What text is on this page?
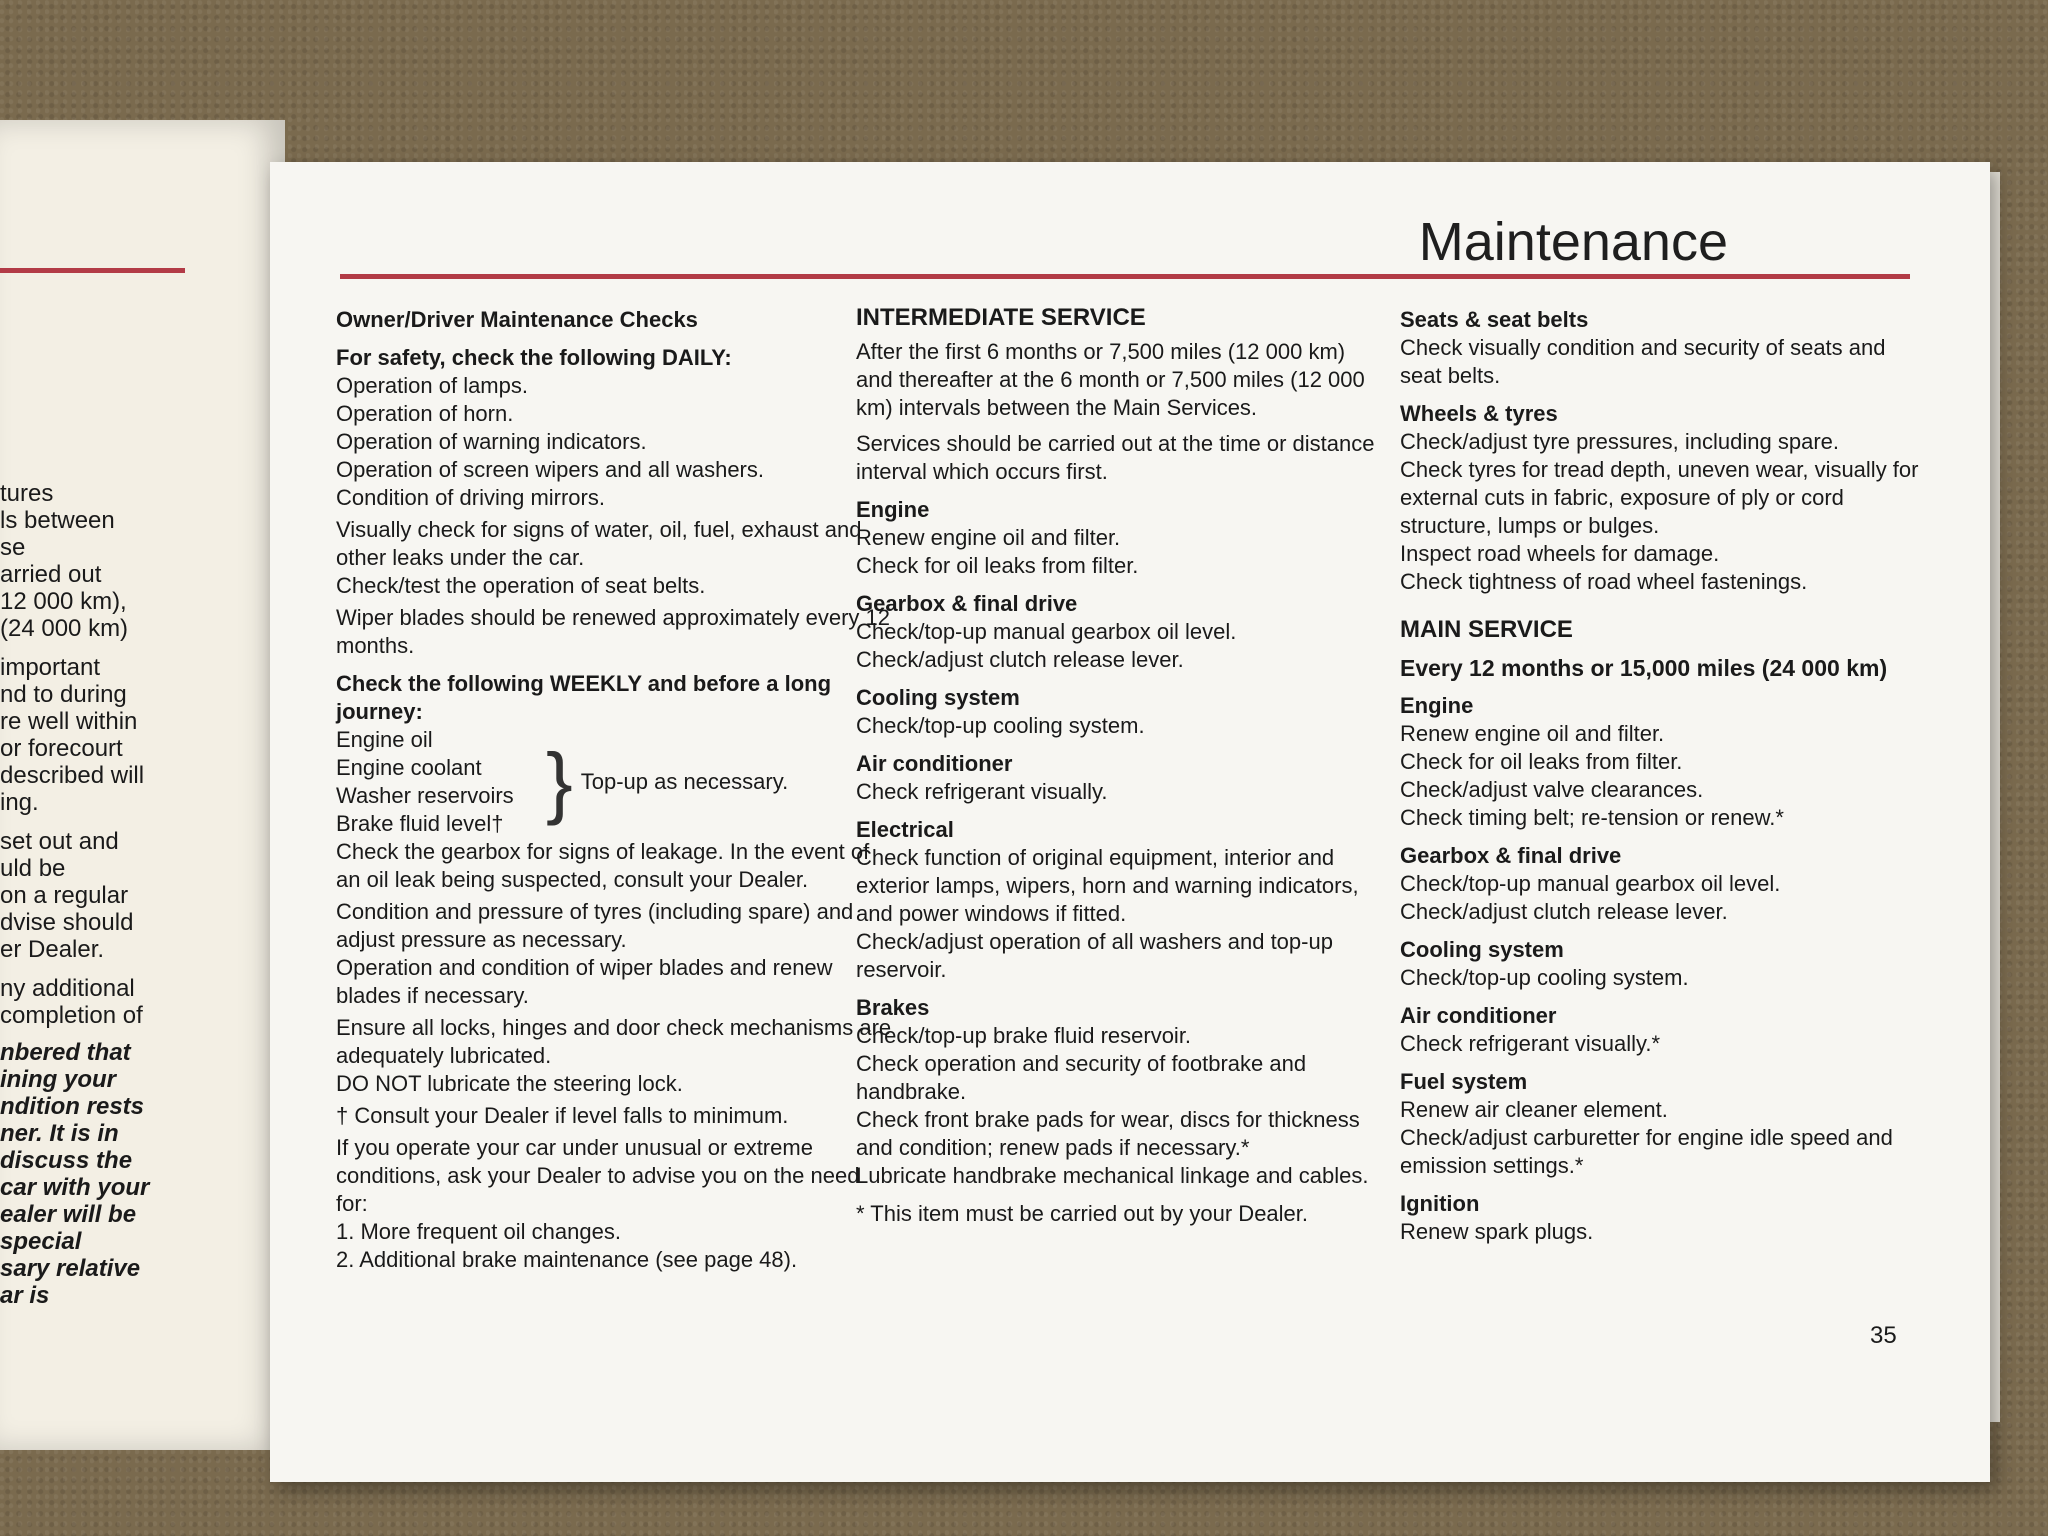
tures

ls between

se

arried out

12 000 km),

(24 000 km)

important

nd to during

re well within

or forecourt

described will

ing.

set out and

uld be

on a regular

dvise should

er Dealer.

ny additional

completion of

nbered that

ining your

ndition rests

ner. It is in

discuss the

car with your

ealer will be

special

sary relative

ar is

Maintenance
Owner/Driver Maintenance Checks
For safety, check the following DAILY:

Operation of lamps.

Operation of horn.

Operation of warning indicators.

Operation of screen wipers and all washers.

Condition of driving mirrors.

Visually check for signs of water, oil, fuel, exhaust and other leaks under the car.

Check/test the operation of seat belts.

Wiper blades should be renewed approximately every 12 months.

Check the following WEEKLY and before a long journey:

Engine oil

Engine coolant

Washer reservoirs

Brake fluid level† } Top-up as necessary.

Check the gearbox for signs of leakage. In the event of an oil leak being suspected, consult your Dealer.

Condition and pressure of tyres (including spare) and adjust pressure as necessary.

Operation and condition of wiper blades and renew blades if necessary.

Ensure all locks, hinges and door check mechanisms are adequately lubricated.

DO NOT lubricate the steering lock.

† Consult your Dealer if level falls to minimum.

If you operate your car under unusual or extreme conditions, ask your Dealer to advise you on the need for:

1. More frequent oil changes.

2. Additional brake maintenance (see page 48).

INTERMEDIATE SERVICE

After the first 6 months or 7,500 miles (12 000 km) and thereafter at the 6 month or 7,500 miles (12 000 km) intervals between the Main Services.

Services should be carried out at the time or distance interval which occurs first.

Engine

Renew engine oil and filter.

Check for oil leaks from filter.

Gearbox & final drive

Check/top-up manual gearbox oil level.

Check/adjust clutch release lever.

Cooling system

Check/top-up cooling system.

Air conditioner

Check refrigerant visually.

Electrical

Check function of original equipment, interior and exterior lamps, wipers, horn and warning indicators, and power windows if fitted.

Check/adjust operation of all washers and top-up reservoir.

Brakes

Check/top-up brake fluid reservoir.

Check operation and security of footbrake and handbrake.

Check front brake pads for wear, discs for thickness and condition; renew pads if necessary.*

Lubricate handbrake mechanical linkage and cables.

* This item must be carried out by your Dealer.

Seats & seat belts

Check visually condition and security of seats and seat belts.

Wheels & tyres

Check/adjust tyre pressures, including spare.

Check tyres for tread depth, uneven wear, visually for external cuts in fabric, exposure of ply or cord structure, lumps or bulges.

Inspect road wheels for damage.

Check tightness of road wheel fastenings.

MAIN SERVICE
Every 12 months or 15,000 miles (24 000 km)
Engine

Renew engine oil and filter.

Check for oil leaks from filter.

Check/adjust valve clearances.

Check timing belt; re-tension or renew.*

Gearbox & final drive

Check/top-up manual gearbox oil level.

Check/adjust clutch release lever.

Cooling system

Check/top-up cooling system.

Air conditioner

Check refrigerant visually.*

Fuel system

Renew air cleaner element.

Check/adjust carburetter for engine idle speed and emission settings.*

Ignition

Renew spark plugs.

35
